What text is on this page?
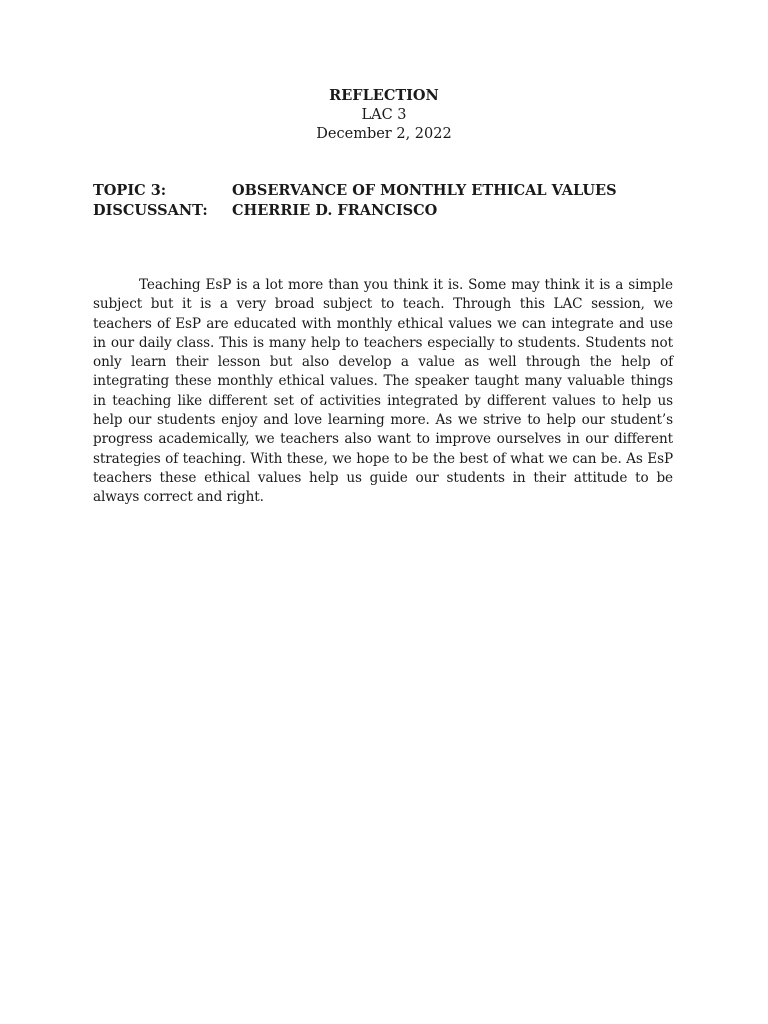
REFLECTION
LAC 3
December 2, 2022
TOPIC 3:	OBSERVANCE OF MONTHLY ETHICAL VALUES
DISCUSSANT:	CHERRIE D. FRANCISCO

Teaching EsP is a lot more than you think it is. Some may think it is a simple subject but it is a very broad subject to teach. Through this LAC session, we teachers of EsP are educated with monthly ethical values we can integrate and use in our daily class. This is many help to teachers especially to students. Students not only learn their lesson but also develop a value as well through the help of integrating these monthly ethical values. The speaker taught many valuable things in teaching like different set of activities integrated by different values to help us help our students enjoy and love learning more. As we strive to help our student’s progress academically, we teachers also want to improve ourselves in our different strategies of teaching. With these, we hope to be the best of what we can be. As EsP teachers these ethical values help us guide our students in their attitude to be always correct and right.
